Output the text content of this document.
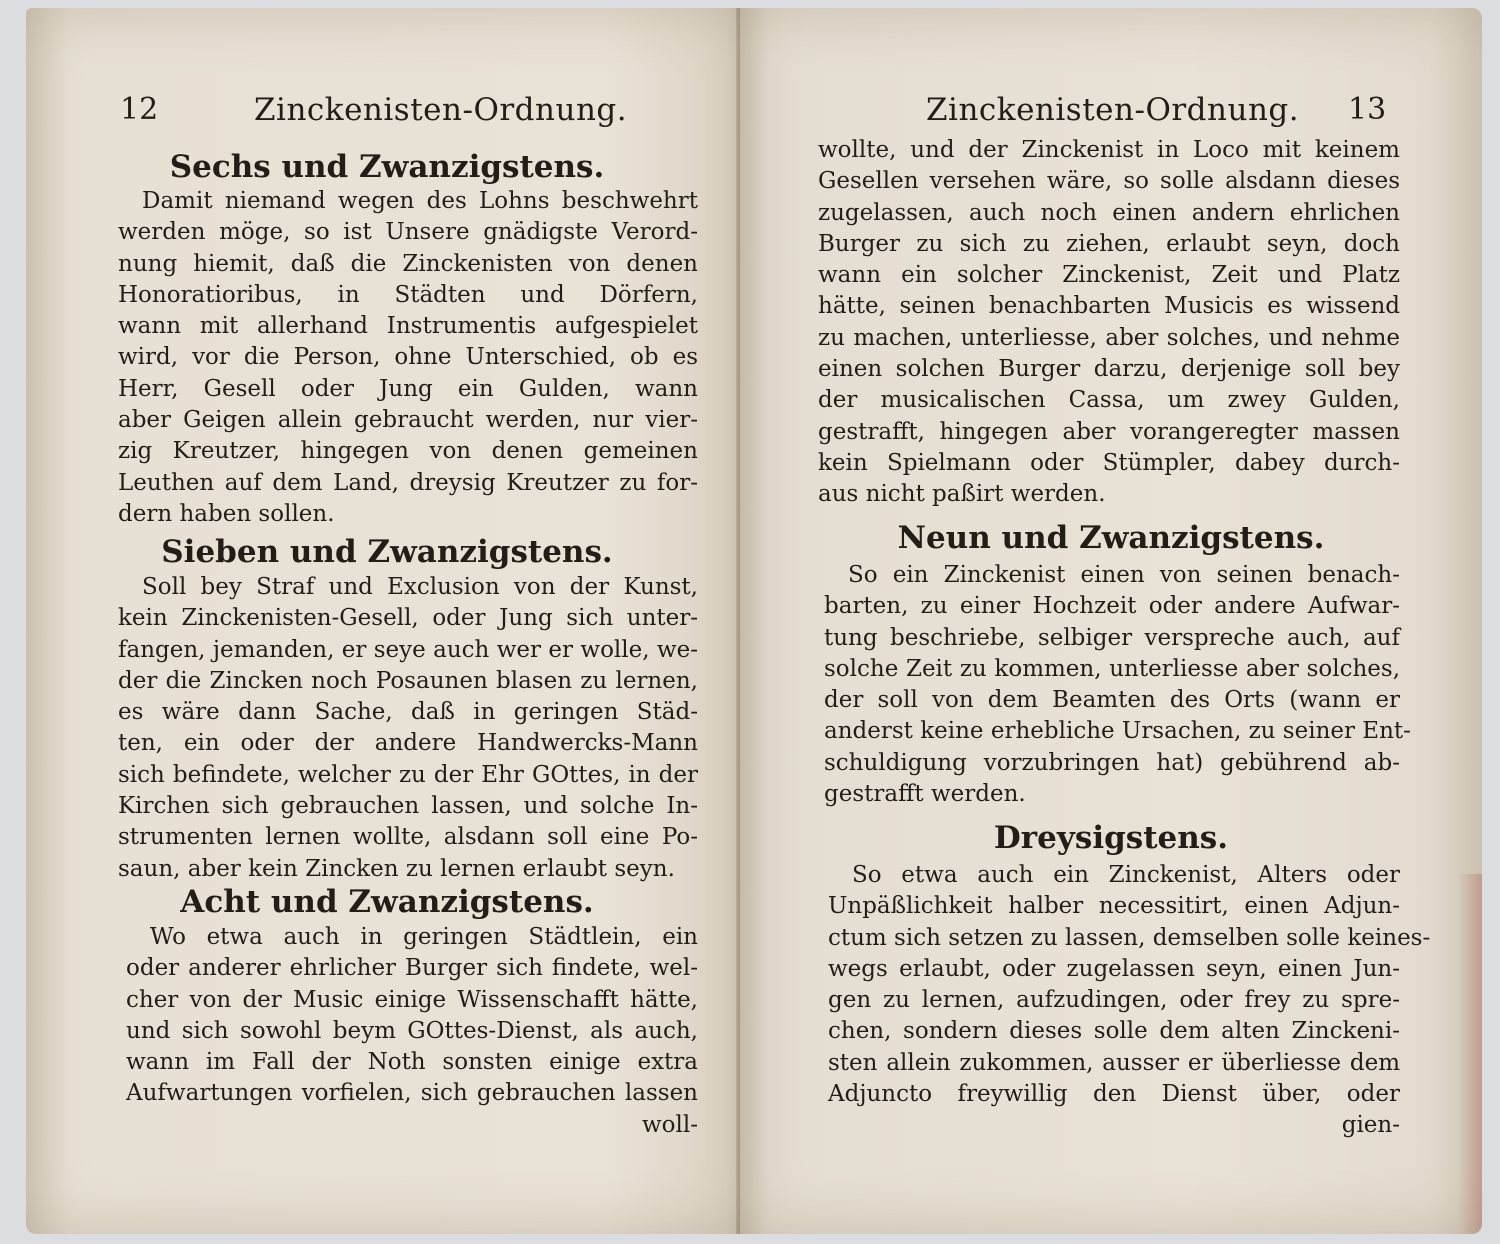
12	Zinckenisten-Ordnung.
Sechs und Zwanzigstens.
Damit niemand wegen des Lohns beschwehrt
werden möge, so ist Unsere gnädigste Verord-
nung hiemit, daß die Zinckenisten von denen
Honoratioribus, in Städten und Dörfern,
wann mit allerhand Instrumentis aufgespielet
wird, vor die Person, ohne Unterschied, ob es
Herr, Gesell oder Jung ein Gulden, wann
aber Geigen allein gebraucht werden, nur vier-
zig Kreutzer, hingegen von denen gemeinen
Leuthen auf dem Land, dreysig Kreutzer zu for-
dern haben sollen.
Sieben und Zwanzigstens.
Soll bey Straf und Exclusion von der Kunst,
kein Zinckenisten-Gesell, oder Jung sich unter-
fangen, jemanden, er seye auch wer er wolle, we-
der die Zincken noch Posaunen blasen zu lernen,
es wäre dann Sache, daß in geringen Städ-
ten, ein oder der andere Handwercks-Mann
sich befindete, welcher zu der Ehr GOttes, in der
Kirchen sich gebrauchen lassen, und solche In-
strumenten lernen wollte, alsdann soll eine Po-
saun, aber kein Zincken zu lernen erlaubt seyn.
Acht und Zwanzigstens.
Wo etwa auch in geringen Städtlein, ein
oder anderer ehrlicher Burger sich findete, wel-
cher von der Music einige Wissenschafft hätte,
und sich sowohl beym GOttes-Dienst, als auch,
wann im Fall der Noth sonsten einige extra
Aufwartungen vorfielen, sich gebrauchen lassen
woll-
Zinckenisten-Ordnung. 13
wollte, und der Zinckenist in Loco mit keinem
Gesellen versehen wäre, so solle alsdann dieses
zugelassen, auch noch einen andern ehrlichen
Burger zu sich zu ziehen, erlaubt seyn, doch
wann ein solcher Zinckenist, Zeit und Platz
hätte, seinen benachbarten Musicis es wissend
zu machen, unterliesse, aber solches, und nehme
einen solchen Burger darzu, derjenige soll bey
der musicalischen Cassa, um zwey Gulden,
gestrafft, hingegen aber vorangeregter massen
kein Spielmann oder Stümpler, dabey durch-
aus nicht paßirt werden.
Neun und Zwanzigstens.
So ein Zinckenist einen von seinen benach-
barten, zu einer Hochzeit oder andere Aufwar-
tung beschriebe, selbiger verspreche auch, auf
solche Zeit zu kommen, unterliesse aber solches,
der soll von dem Beamten des Orts (wann er
anderst keine erhebliche Ursachen, zu seiner Ent-
schuldigung vorzubringen hat) gebührend ab-
gestrafft werden.
Dreysigstens.
So etwa auch ein Zinckenist, Alters oder
Unpäßlichkeit halber necessitirt, einen Adjun-
ctum sich setzen zu lassen, demselben solle keines-
wegs erlaubt, oder zugelassen seyn, einen Jun-
gen zu lernen, aufzudingen, oder frey zu spre-
chen, sondern dieses solle dem alten Zinckeni-
sten allein zukommen, ausser er überliesse dem
Adjuncto freywillig den Dienst über, oder
gien-
